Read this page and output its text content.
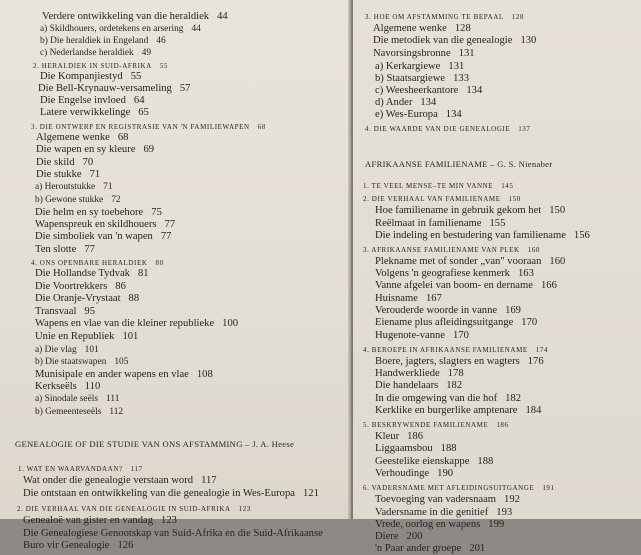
Verdere ontwikkeling van die heraldiek 44
a) Skildhouers, ordetekens en arsering 44
b) Die heraldiek in Engeland 46
c) Nederlandse heraldiek 49
2. HERALDIEK IN SUID-AFRIKA 55
Die Kompanjiestyd 55
Die Bell-Krynauw-versameling 57
Die Engelse invloed 64
Latere verwikkelinge 65
3. DIE ONTWERP EN REGISTRASIE VAN 'N FAMILIEWAPEN 68
Algemene wenke 68
Die wapen en sy kleure 69
Die skild 70
Die stukke 71
a) Heroutstukke 71
b) Gewone stukke 72
Die helm en sy toebehore 75
Wapenspreuk en skildhouers 77
Die simboliek van 'n wapen 77
Ten slotte 77
4. ONS OPENBARE HERALDIEK 80
Die Hollandse Tydvak 81
Die Voortrekkers 86
Die Oranje-Vrystaat 88
Transvaal 95
Wapens en vlae van die kleiner republieke 100
Unie en Republiek 101
a) Die vlag 101
b) Die staatswapen 105
Munisipale en ander wapens en vlae 108
Kerkseëls 110
a) Sinodale seëls 111
b) Gemeenteseëls 112
GENEALOGIE OF DIE STUDIE VAN ONS AFSTAMMING – J. A. Heese
1. WAT EN WAARVANDAAN? 117
Wat onder die genealogie verstaan word 117
Die ontstaan en ontwikkeling van die genealogie in Wes-Europa 121
2. DIE VERHAAL VAN DIE GENEALOGIE IN SUID-AFRIKA 123
Genealoë van gister en vandag 123
Die Genealogiese Genootskap van Suid-Afrika en die Suid-Afrikaanse
Buro vir Genealogie 126
3. HOE OM AFSTAMMING TE BEPAAL 128
Algemene wenke 128
Die metodiek van die genealogie 130
Navorsingsbronne 131
a) Kerkargiewe 131
b) Staatsargiewe 133
c) Weesheerkantore 134
d) Ander 134
e) Wes-Europa 134
4. DIE WAARDE VAN DIE GENEALOGIE 137
AFRIKAANSE FAMILIENAME – G. S. Nienaber
1. TE VEEL MENSE–TE MIN VANNE 145
2. DIE VERHAAL VAN FAMILIENAME 150
Hoe familiename in gebruik gekom het 150
Reëlmaat in familiename 155
Die indeling en bestudering van familiename 156
3. AFRIKAANSE FAMILIENAME VAN PLEK 160
Plekname met of sonder „van" vooraan 160
Volgens 'n geografiese kenmerk 163
Vanne afgelei van boom- en dername 166
Huisname 167
Verouderde woorde in vanne 169
Eiename plus afleidingsuitgange 170
Hugenote-vanne 170
4. BEROEPE IN AFRIKAANSE FAMILIENAME 174
Boere, jagters, slagters en wagters 176
Handwerkliede 178
Die handelaars 182
In die omgewing van die hof 182
Kerklike en burgerlike amptenare 184
5. BESKRYWENDE FAMILIENAME 186
Kleur 186
Liggaamsbou 188
Geestelike eienskappe 188
Verhoudinge 190
6. VADERSNAME MET AFLEIDINGSUITGANGE 191
Toevoeging van vadersnaam 192
Vadersname in die genitief 193
Vrede, oorlog en wapens 199
Diere 200
'n Paar ander groepe 201
